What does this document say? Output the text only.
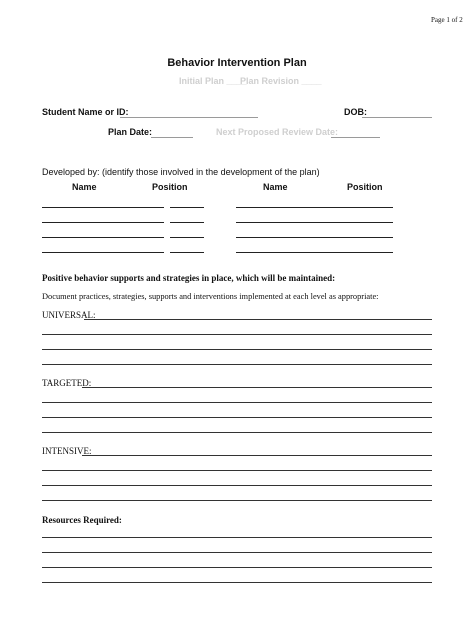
Page 1 of 2
Behavior Intervention Plan
Initial Plan ____
Plan Revision ____
Student Name or ID:	DOB:
Plan Date:	Next Proposed Review Date:
Developed by: (identify those involved in the development of the plan)
Name	Position	Name	Position
Positive behavior supports and strategies in place, which will be maintained:
Document practices, strategies, supports and interventions implemented at each level as appropriate:
UNIVERSAL:
TARGETED:
INTENSIVE:
Resources Required:
